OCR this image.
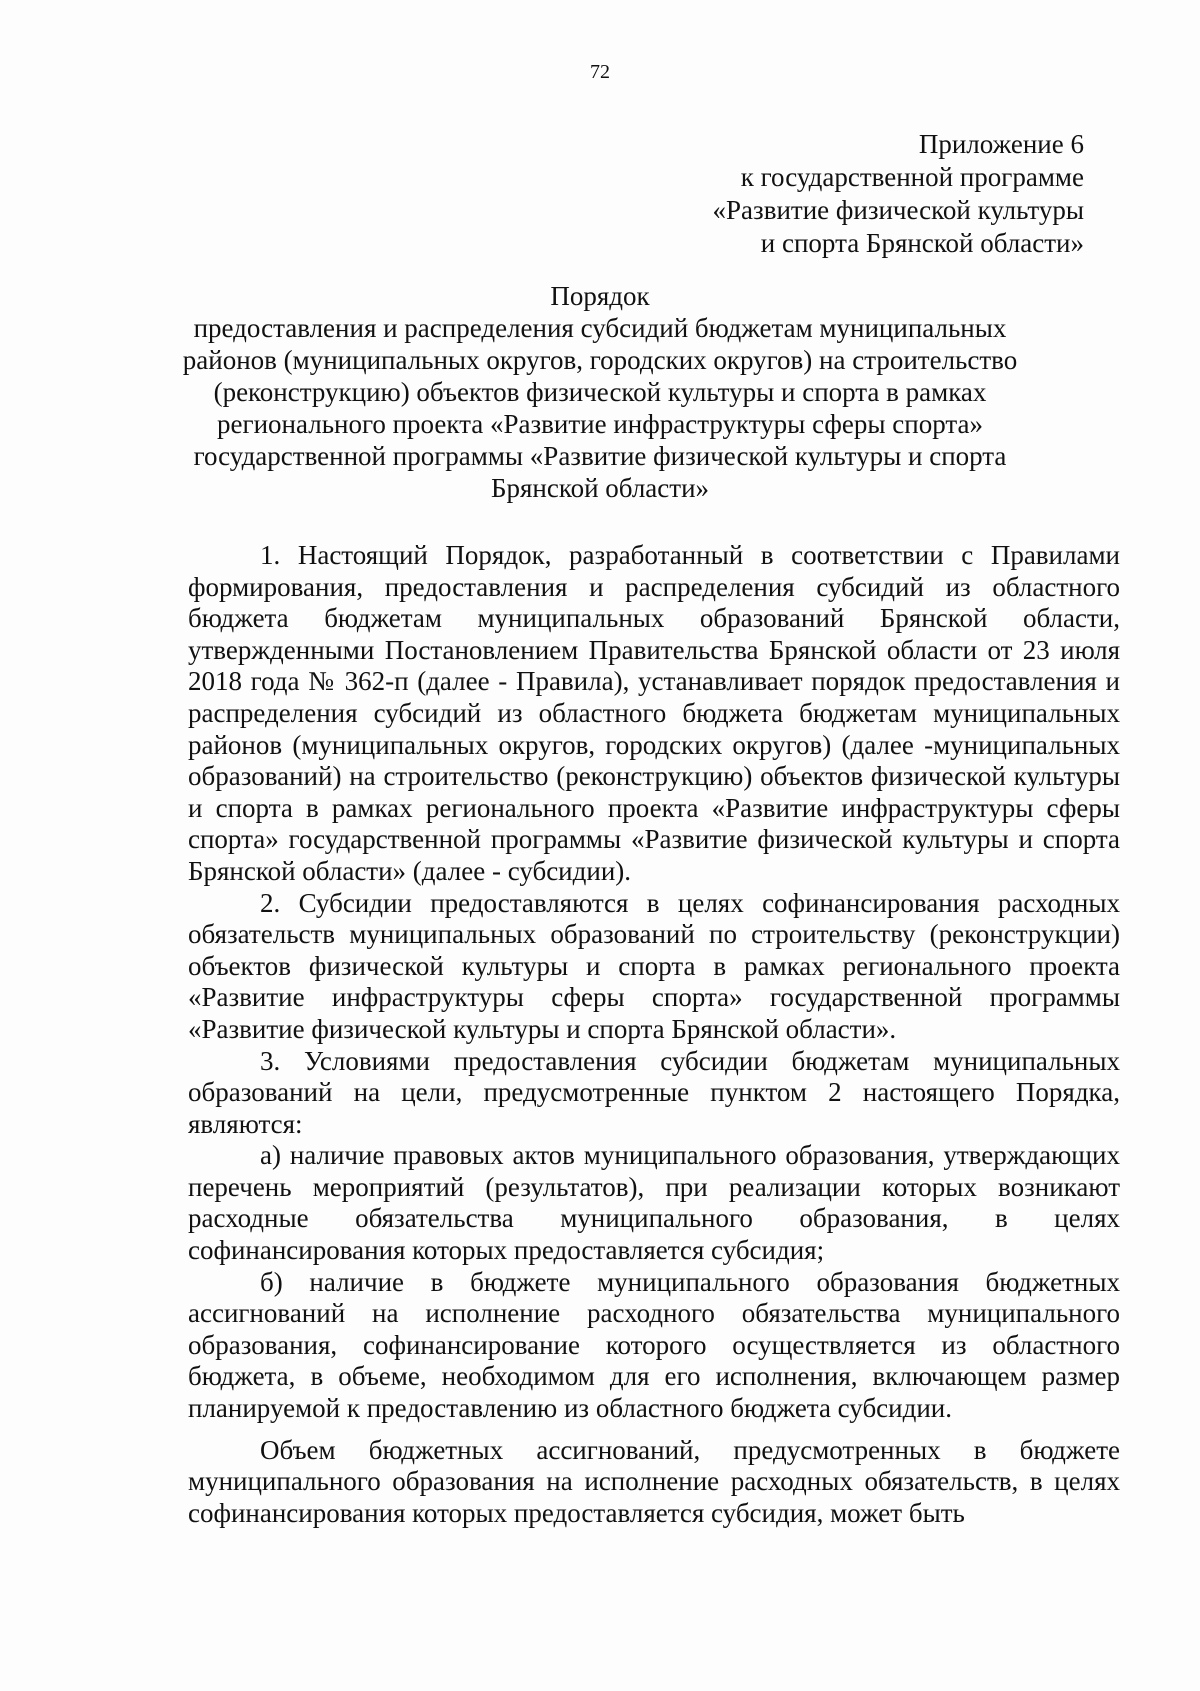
72
Приложение 6
к государственной программе
«Развитие физической культуры
и спорта Брянской области»
Порядок
предоставления и распределения субсидий бюджетам муниципальных
районов (муниципальных округов, городских округов) на строительство
(реконструкцию) объектов физической культуры и спорта в рамках
регионального проекта «Развитие инфраструктуры сферы спорта»
государственной программы «Развитие физической культуры и спорта
Брянской области»

1. Настоящий Порядок, разработанный в соответствии с Правилами формирования, предоставления и распределения субсидий из областного бюджета бюджетам муниципальных образований Брянской области, утвержденными Постановлением Правительства Брянской области от 23 июля 2018 года № 362-п (далее - Правила), устанавливает порядок предоставления и распределения субсидий из областного бюджета бюджетам муниципальных районов (муниципальных округов, городских округов) (далее -муниципальных образований) на строительство (реконструкцию) объектов физической культуры и спорта в рамках регионального проекта «Развитие инфраструктуры сферы спорта» государственной программы «Развитие физической культуры и спорта Брянской области» (далее - субсидии).

2. Субсидии предоставляются в целях софинансирования расходных обязательств муниципальных образований по строительству (реконструкции) объектов физической культуры и спорта в рамках регионального проекта «Развитие инфраструктуры сферы спорта» государственной программы «Развитие физической культуры и спорта Брянской области».

3. Условиями предоставления субсидии бюджетам муниципальных образований на цели, предусмотренные пунктом 2 настоящего Порядка, являются:

а) наличие правовых актов муниципального образования, утверждающих перечень мероприятий (результатов), при реализации которых возникают расходные обязательства муниципального образования, в целях софинансирования которых предоставляется субсидия;

б) наличие в бюджете муниципального образования бюджетных ассигнований на исполнение расходного обязательства муниципального образования, софинансирование которого осуществляется из областного бюджета, в объеме, необходимом для его исполнения, включающем размер планируемой к предоставлению из областного бюджета субсидии.

Объем бюджетных ассигнований, предусмотренных в бюджете муниципального образования на исполнение расходных обязательств, в целях софинансирования которых предоставляется субсидия, может быть
